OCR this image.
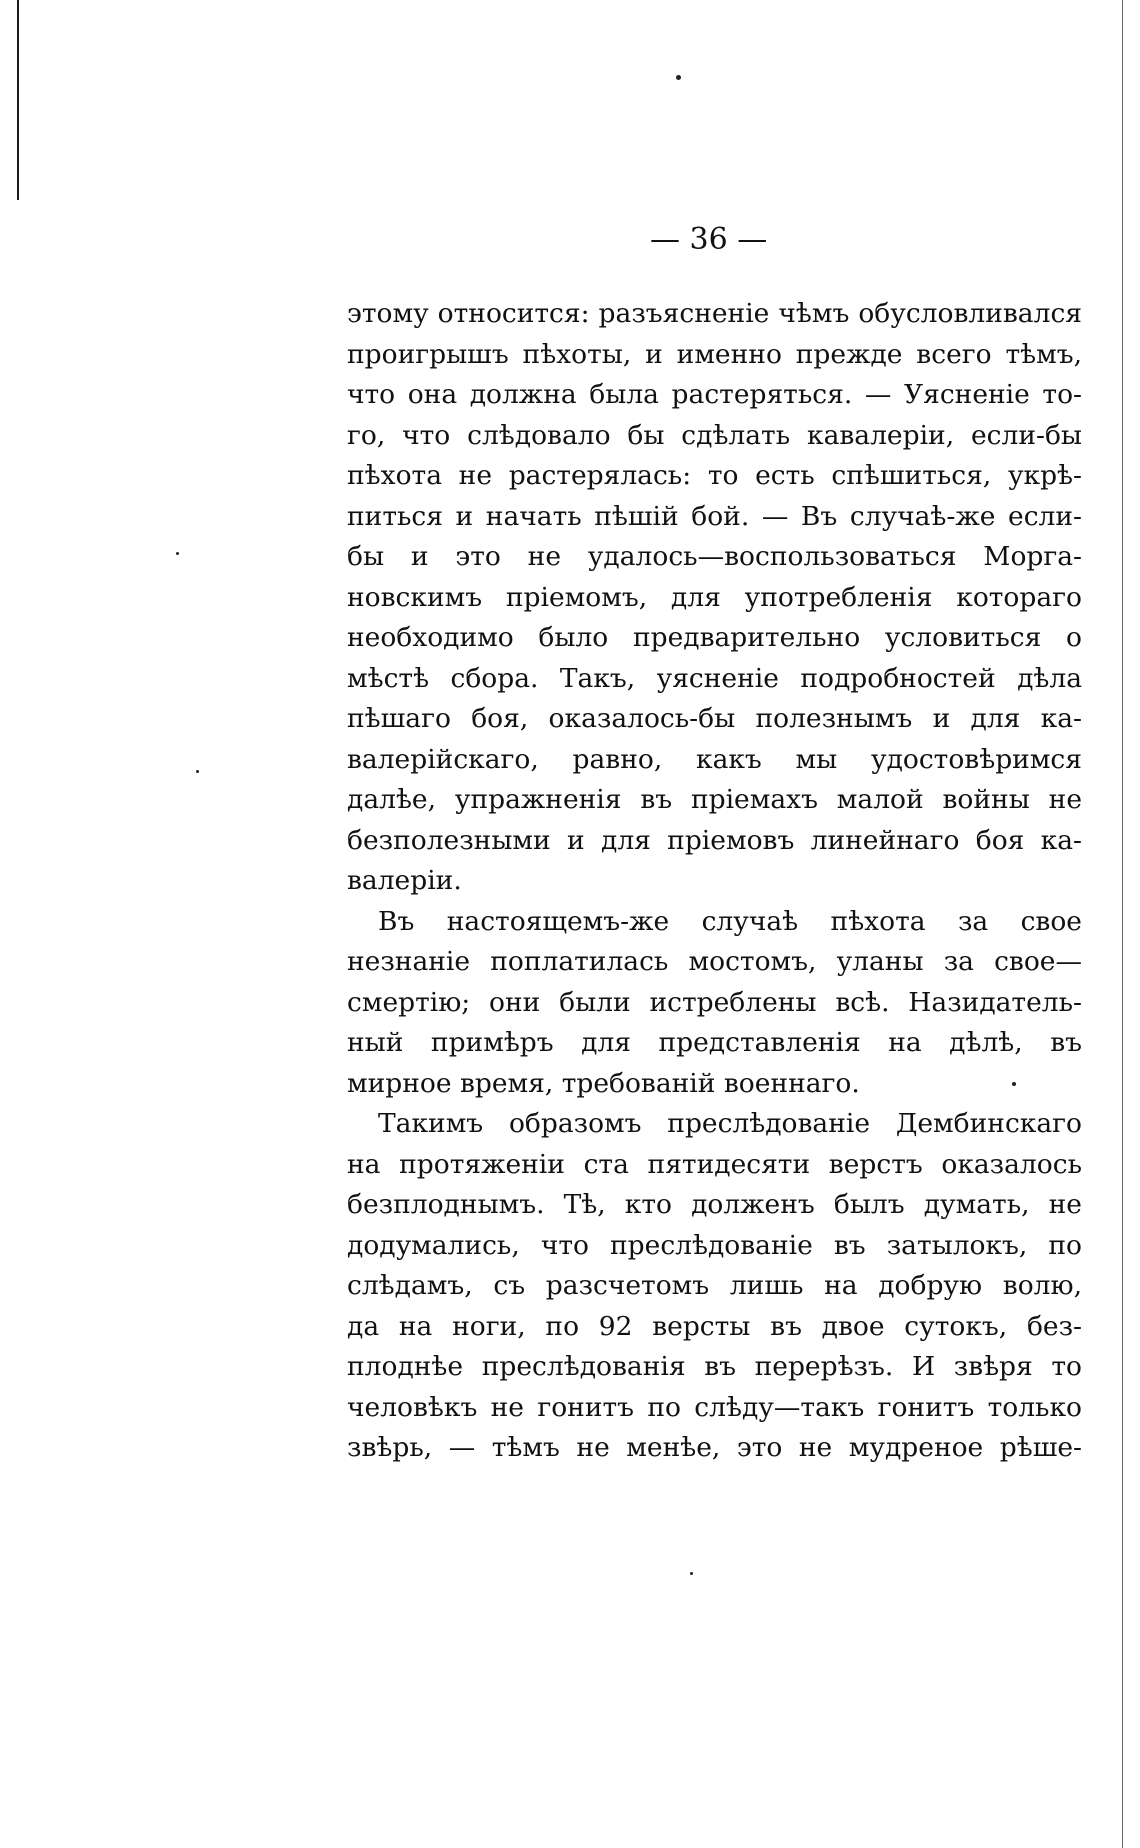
— 36 —
этому относится: разъясненіе чѣмъ обусловливался
проигрышъ пѣхоты, и именно прежде всего тѣмъ,
что она должна была растеряться. — Уясненіе то-
го, что слѣдовало бы сдѣлать кавалеріи, если-бы
пѣхота не растерялась: то есть спѣшиться, укрѣ-
питься и начать пѣшій бой. — Въ случаѣ-же если-
бы и это не удалось—воспользоваться Морга-
новскимъ пріемомъ, для употребленія котораго
необходимо было предварительно условиться о
мѣстѣ сбора. Такъ, уясненіе подробностей дѣла
пѣшаго боя, оказалось-бы полезнымъ и для ка-
валерійскаго, равно, какъ мы удостовѣримся
далѣе, упражненія въ пріемахъ малой войны не
безполезными и для пріемовъ линейнаго боя ка-
валеріи.
Въ настоящемъ-же случаѣ пѣхота за свое
незнаніе поплатилась мостомъ, уланы за свое—
смертію; они были истреблены всѣ. Назидатель-
ный примѣръ для представленія на дѣлѣ, въ
мирное время, требованій военнаго.
Такимъ образомъ преслѣдованіе Дембинскаго
на протяженіи ста пятидесяти верстъ оказалось
безплоднымъ. Тѣ, кто долженъ былъ думать, не
додумались, что преслѣдованіе въ затылокъ, по
слѣдамъ, съ разсчетомъ лишь на добрую волю,
да на ноги, по 92 версты въ двое сутокъ, без-
плоднѣе преслѣдованія въ перерѣзъ. И звѣря то
человѣкъ не гонитъ по слѣду—такъ гонитъ только
звѣрь, — тѣмъ не менѣе, это не мудреное рѣше-
